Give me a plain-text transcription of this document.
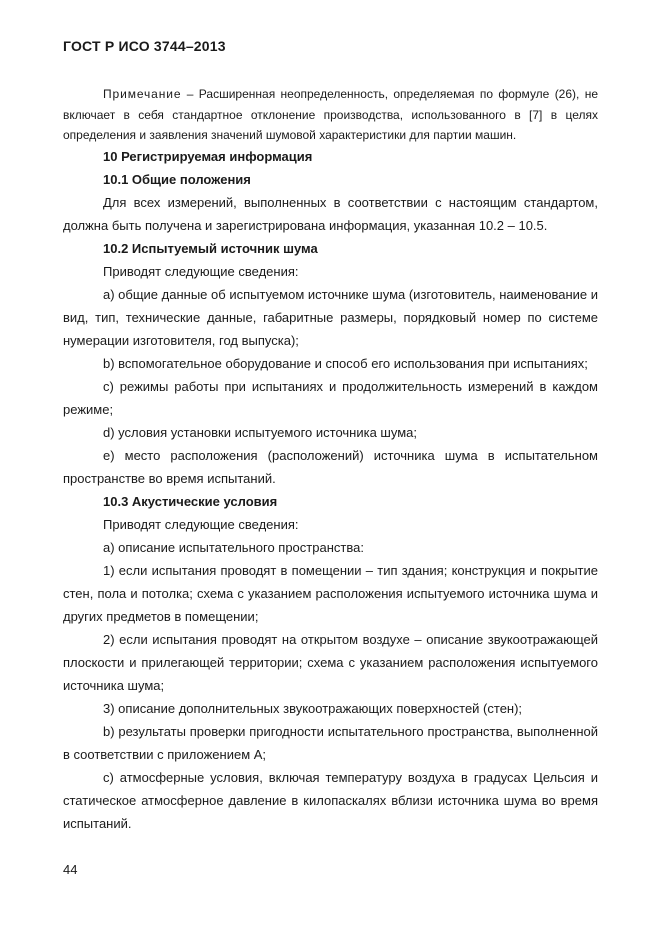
ГОСТ Р ИСО 3744–2013
Примечание – Расширенная неопределенность, определяемая по формуле (26), не включает в себя стандартное отклонение производства, использованного в [7] в целях определения и заявления значений шумовой характеристики для партии машин.

10 Регистрируемая информация

10.1 Общие положения

Для всех измерений, выполненных в соответствии с настоящим стандартом, должна быть получена и зарегистрирована информация, указанная 10.2 – 10.5.

10.2 Испытуемый источник шума

Приводят следующие сведения:

а) общие данные об испытуемом источнике шума (изготовитель, наименование и вид, тип, технические данные, габаритные размеры, порядковый номер по системе нумерации изготовителя, год выпуска);

b) вспомогательное оборудование и способ его использования при испытаниях;

с) режимы работы при испытаниях и продолжительность измерений в каждом режиме;

d) условия установки испытуемого источника шума;

е) место расположения (расположений) источника шума в испытательном пространстве во время испытаний.

10.3 Акустические условия

Приводят следующие сведения:

а) описание испытательного пространства:

1) если испытания проводят в помещении – тип здания; конструкция и покрытие стен, пола и потолка; схема с указанием расположения испытуемого источника шума и других предметов в помещении;

2) если испытания проводят на открытом воздухе – описание звукоотражающей плоскости и прилегающей территории; схема с указанием расположения испытуемого источника шума;

3) описание дополнительных звукоотражающих поверхностей (стен);

b) результаты проверки пригодности испытательного пространства, выполненной в соответствии с приложением А;

с) атмосферные условия, включая температуру воздуха в градусах Цельсия и статическое атмосферное давление в килопаскалях вблизи источника шума во время испытаний.

44
